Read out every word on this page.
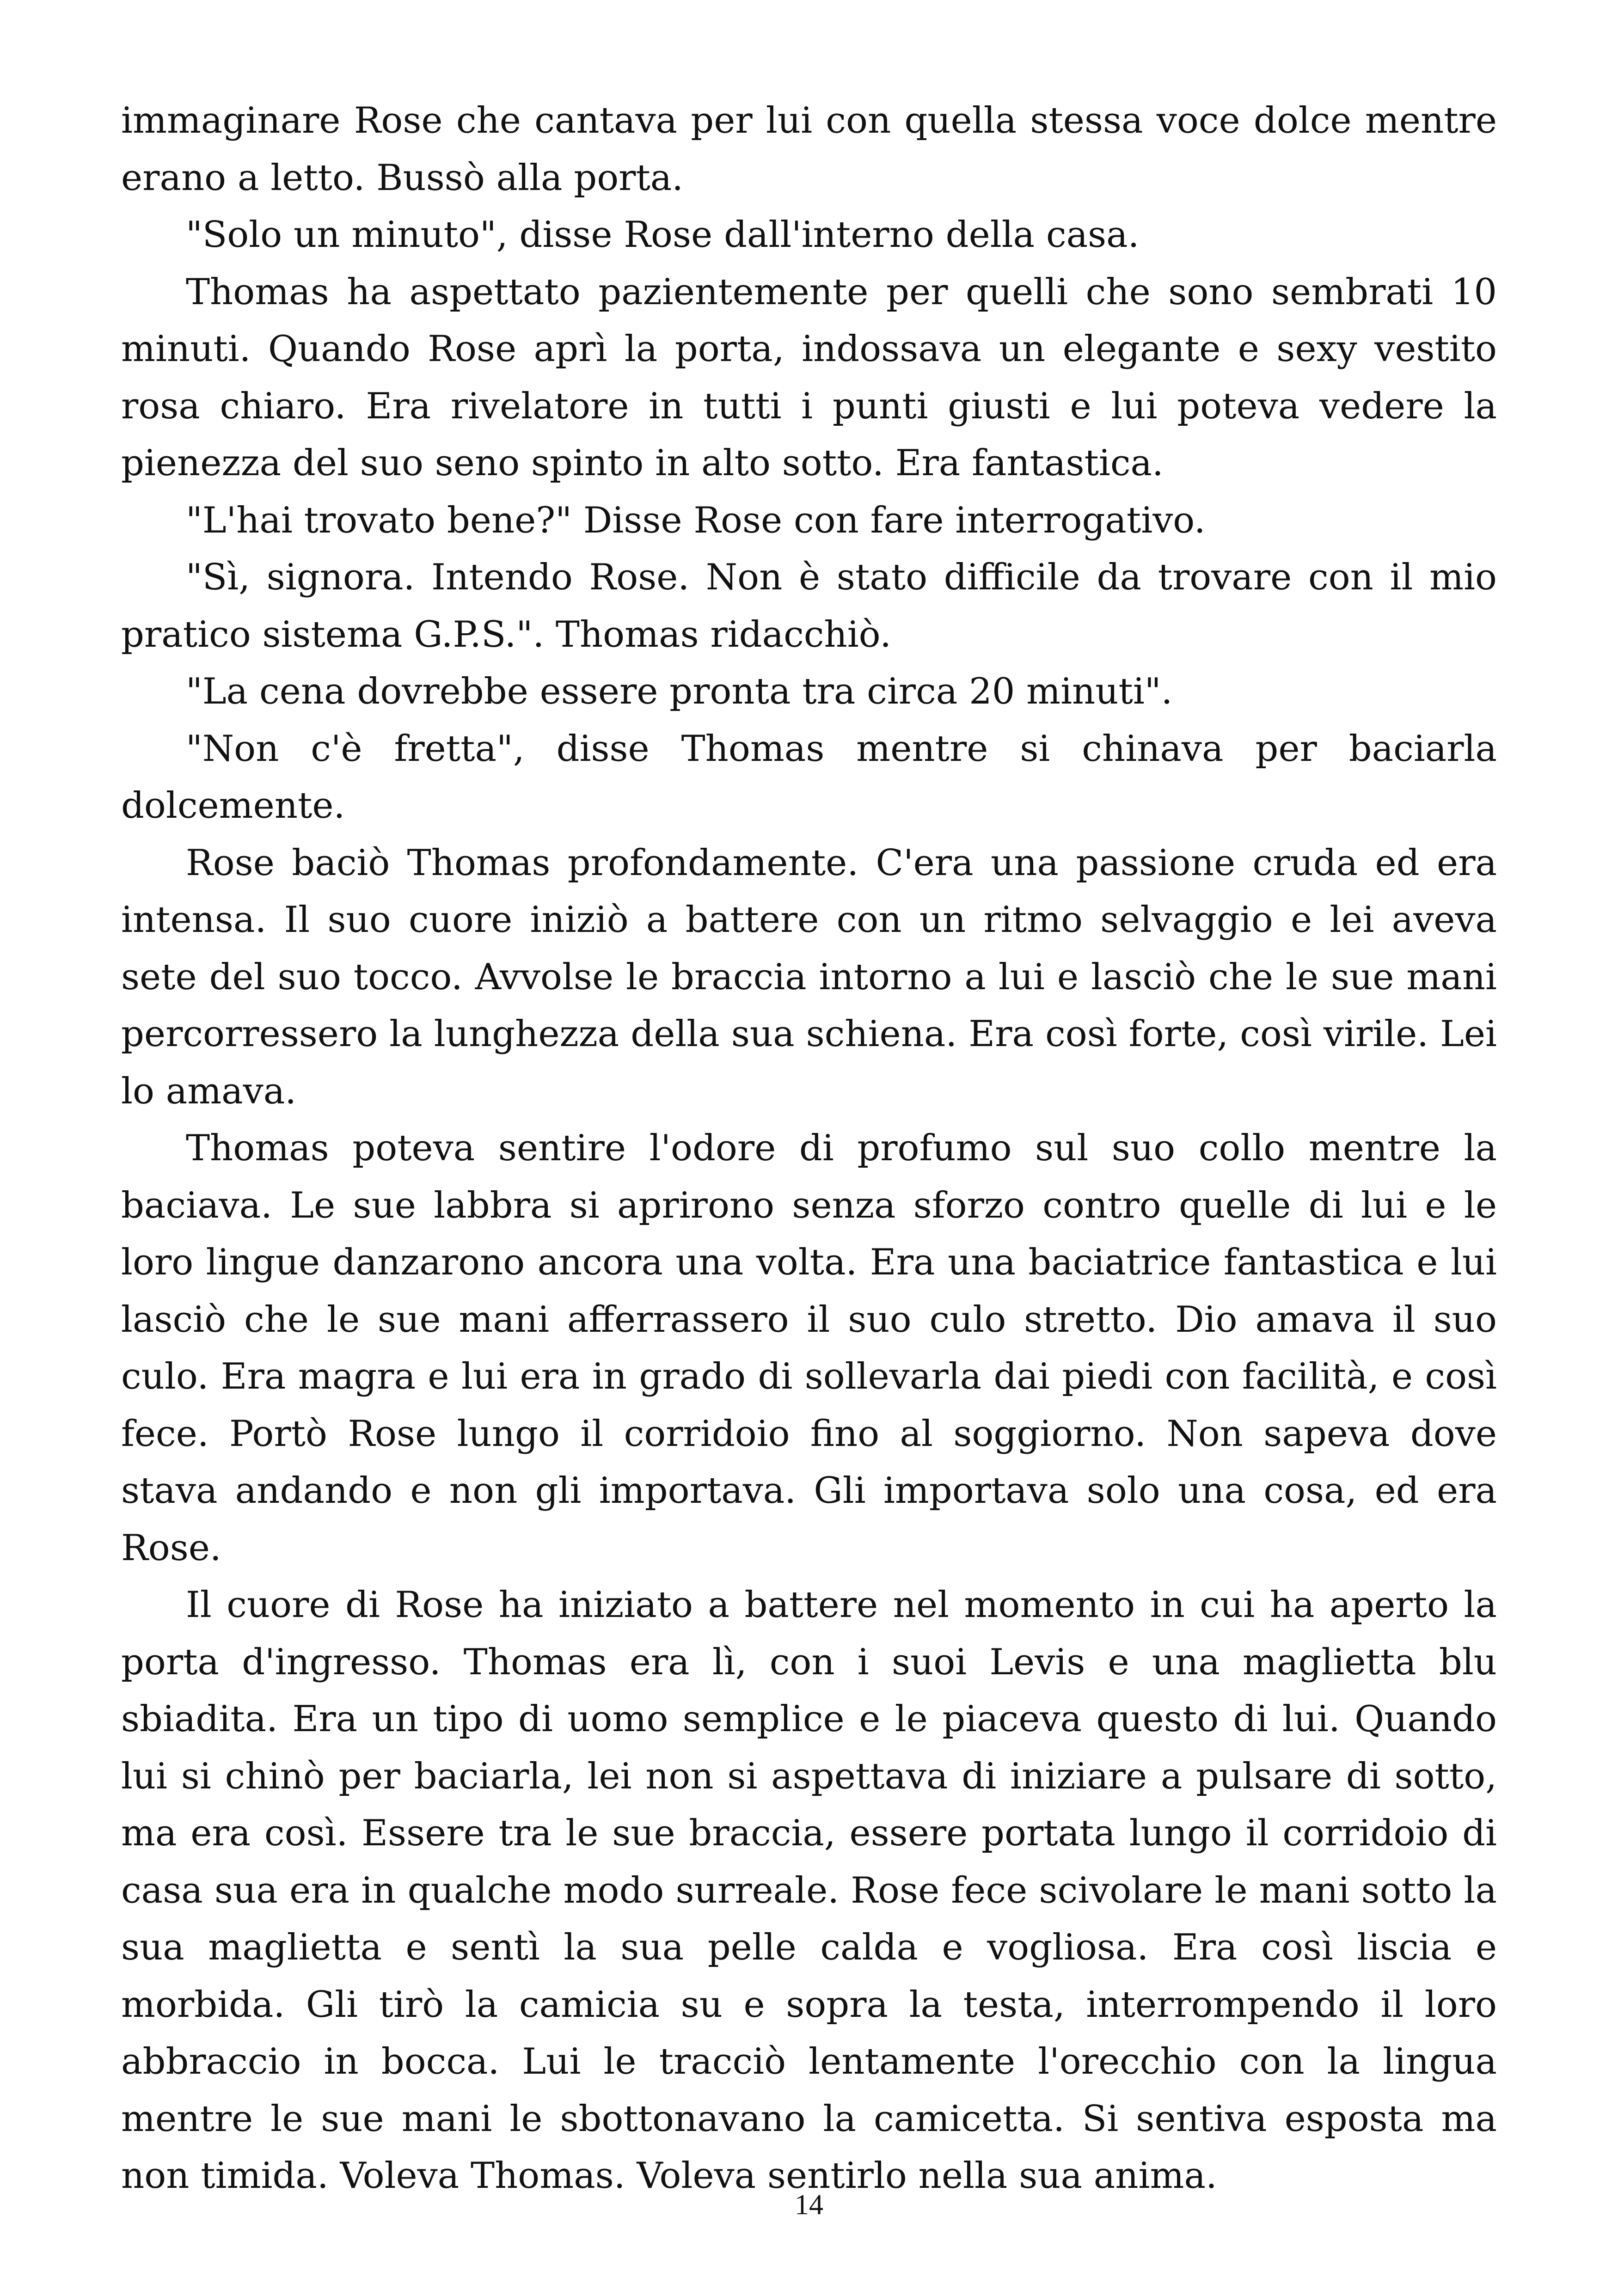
immaginare Rose che cantava per lui con quella stessa voce dolce mentre erano a letto. Bussò alla porta.

"Solo un minuto", disse Rose dall'interno della casa.

Thomas ha aspettato pazientemente per quelli che sono sembrati 10 minuti. Quando Rose aprì la porta, indossava un elegante e sexy vestito rosa chiaro. Era rivelatore in tutti i punti giusti e lui poteva vedere la pienezza del suo seno spinto in alto sotto. Era fantastica.

"L'hai trovato bene?" Disse Rose con fare interrogativo.

"Sì, signora. Intendo Rose. Non è stato difficile da trovare con il mio pratico sistema G.P.S.". Thomas ridacchiò.

"La cena dovrebbe essere pronta tra circa 20 minuti".

"Non c'è fretta", disse Thomas mentre si chinava per baciarla dolcemente.

Rose baciò Thomas profondamente. C'era una passione cruda ed era intensa. Il suo cuore iniziò a battere con un ritmo selvaggio e lei aveva sete del suo tocco. Avvolse le braccia intorno a lui e lasciò che le sue mani percorressero la lunghezza della sua schiena. Era così forte, così virile. Lei lo amava.

Thomas poteva sentire l'odore di profumo sul suo collo mentre la baciava. Le sue labbra si aprirono senza sforzo contro quelle di lui e le loro lingue danzarono ancora una volta. Era una baciatrice fantastica e lui lasciò che le sue mani afferrassero il suo culo stretto. Dio amava il suo culo. Era magra e lui era in grado di sollevarla dai piedi con facilità, e così fece. Portò Rose lungo il corridoio fino al soggiorno. Non sapeva dove stava andando e non gli importava. Gli importava solo una cosa, ed era Rose.

Il cuore di Rose ha iniziato a battere nel momento in cui ha aperto la porta d'ingresso. Thomas era lì, con i suoi Levis e una maglietta blu sbiadita. Era un tipo di uomo semplice e le piaceva questo di lui. Quando lui si chinò per baciarla, lei non si aspettava di iniziare a pulsare di sotto, ma era così. Essere tra le sue braccia, essere portata lungo il corridoio di casa sua era in qualche modo surreale. Rose fece scivolare le mani sotto la sua maglietta e sentì la sua pelle calda e vogliosa. Era così liscia e morbida. Gli tirò la camicia su e sopra la testa, interrompendo il loro abbraccio in bocca. Lui le tracciò lentamente l'orecchio con la lingua mentre le sue mani le sbottonavano la camicetta. Si sentiva esposta ma non timida. Voleva Thomas. Voleva sentirlo nella sua anima.

14
